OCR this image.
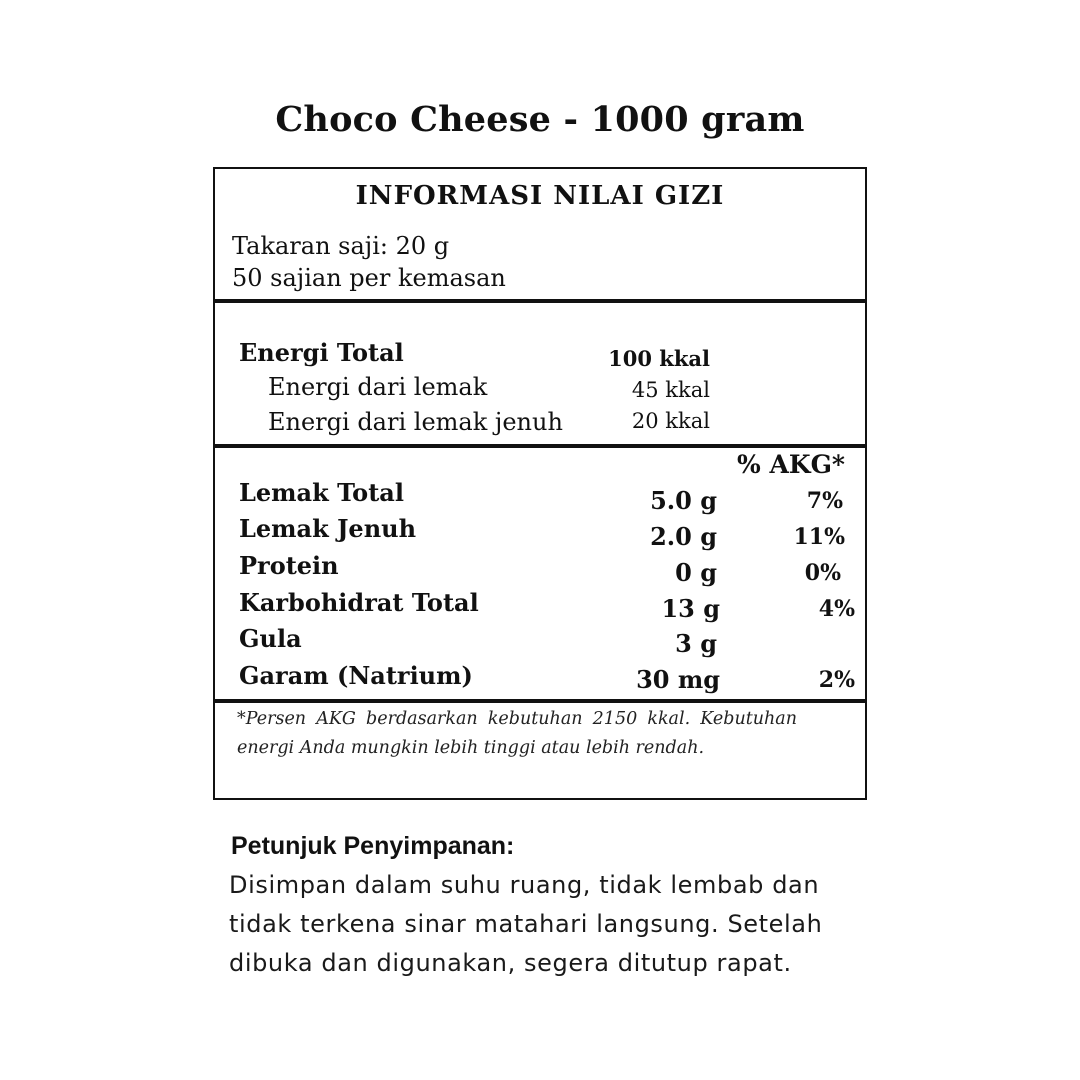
Choco Cheese - 1000 gram
INFORMASI NILAI GIZI
Takaran saji: 20 g
50 sajian per kemasan
Energi Total	100 kkal
Energi dari lemak	45 kkal
Energi dari lemak jenuh	20 kkal
% AKG*
Lemak Total	5.0 g	7%
Lemak Jenuh	2.0 g	11%
Protein	0 g	0%
Karbohidrat Total	13 g	4%
Gula	3 g
Garam (Natrium)	30 mg	2%
*Persen AKG berdasarkan kebutuhan 2150 kkal. Kebutuhan energi Anda mungkin lebih tinggi atau lebih rendah.
Petunjuk Penyimpanan:
Disimpan dalam suhu ruang, tidak lembab dan
tidak terkena sinar matahari langsung. Setelah
dibuka dan digunakan, segera ditutup rapat.
